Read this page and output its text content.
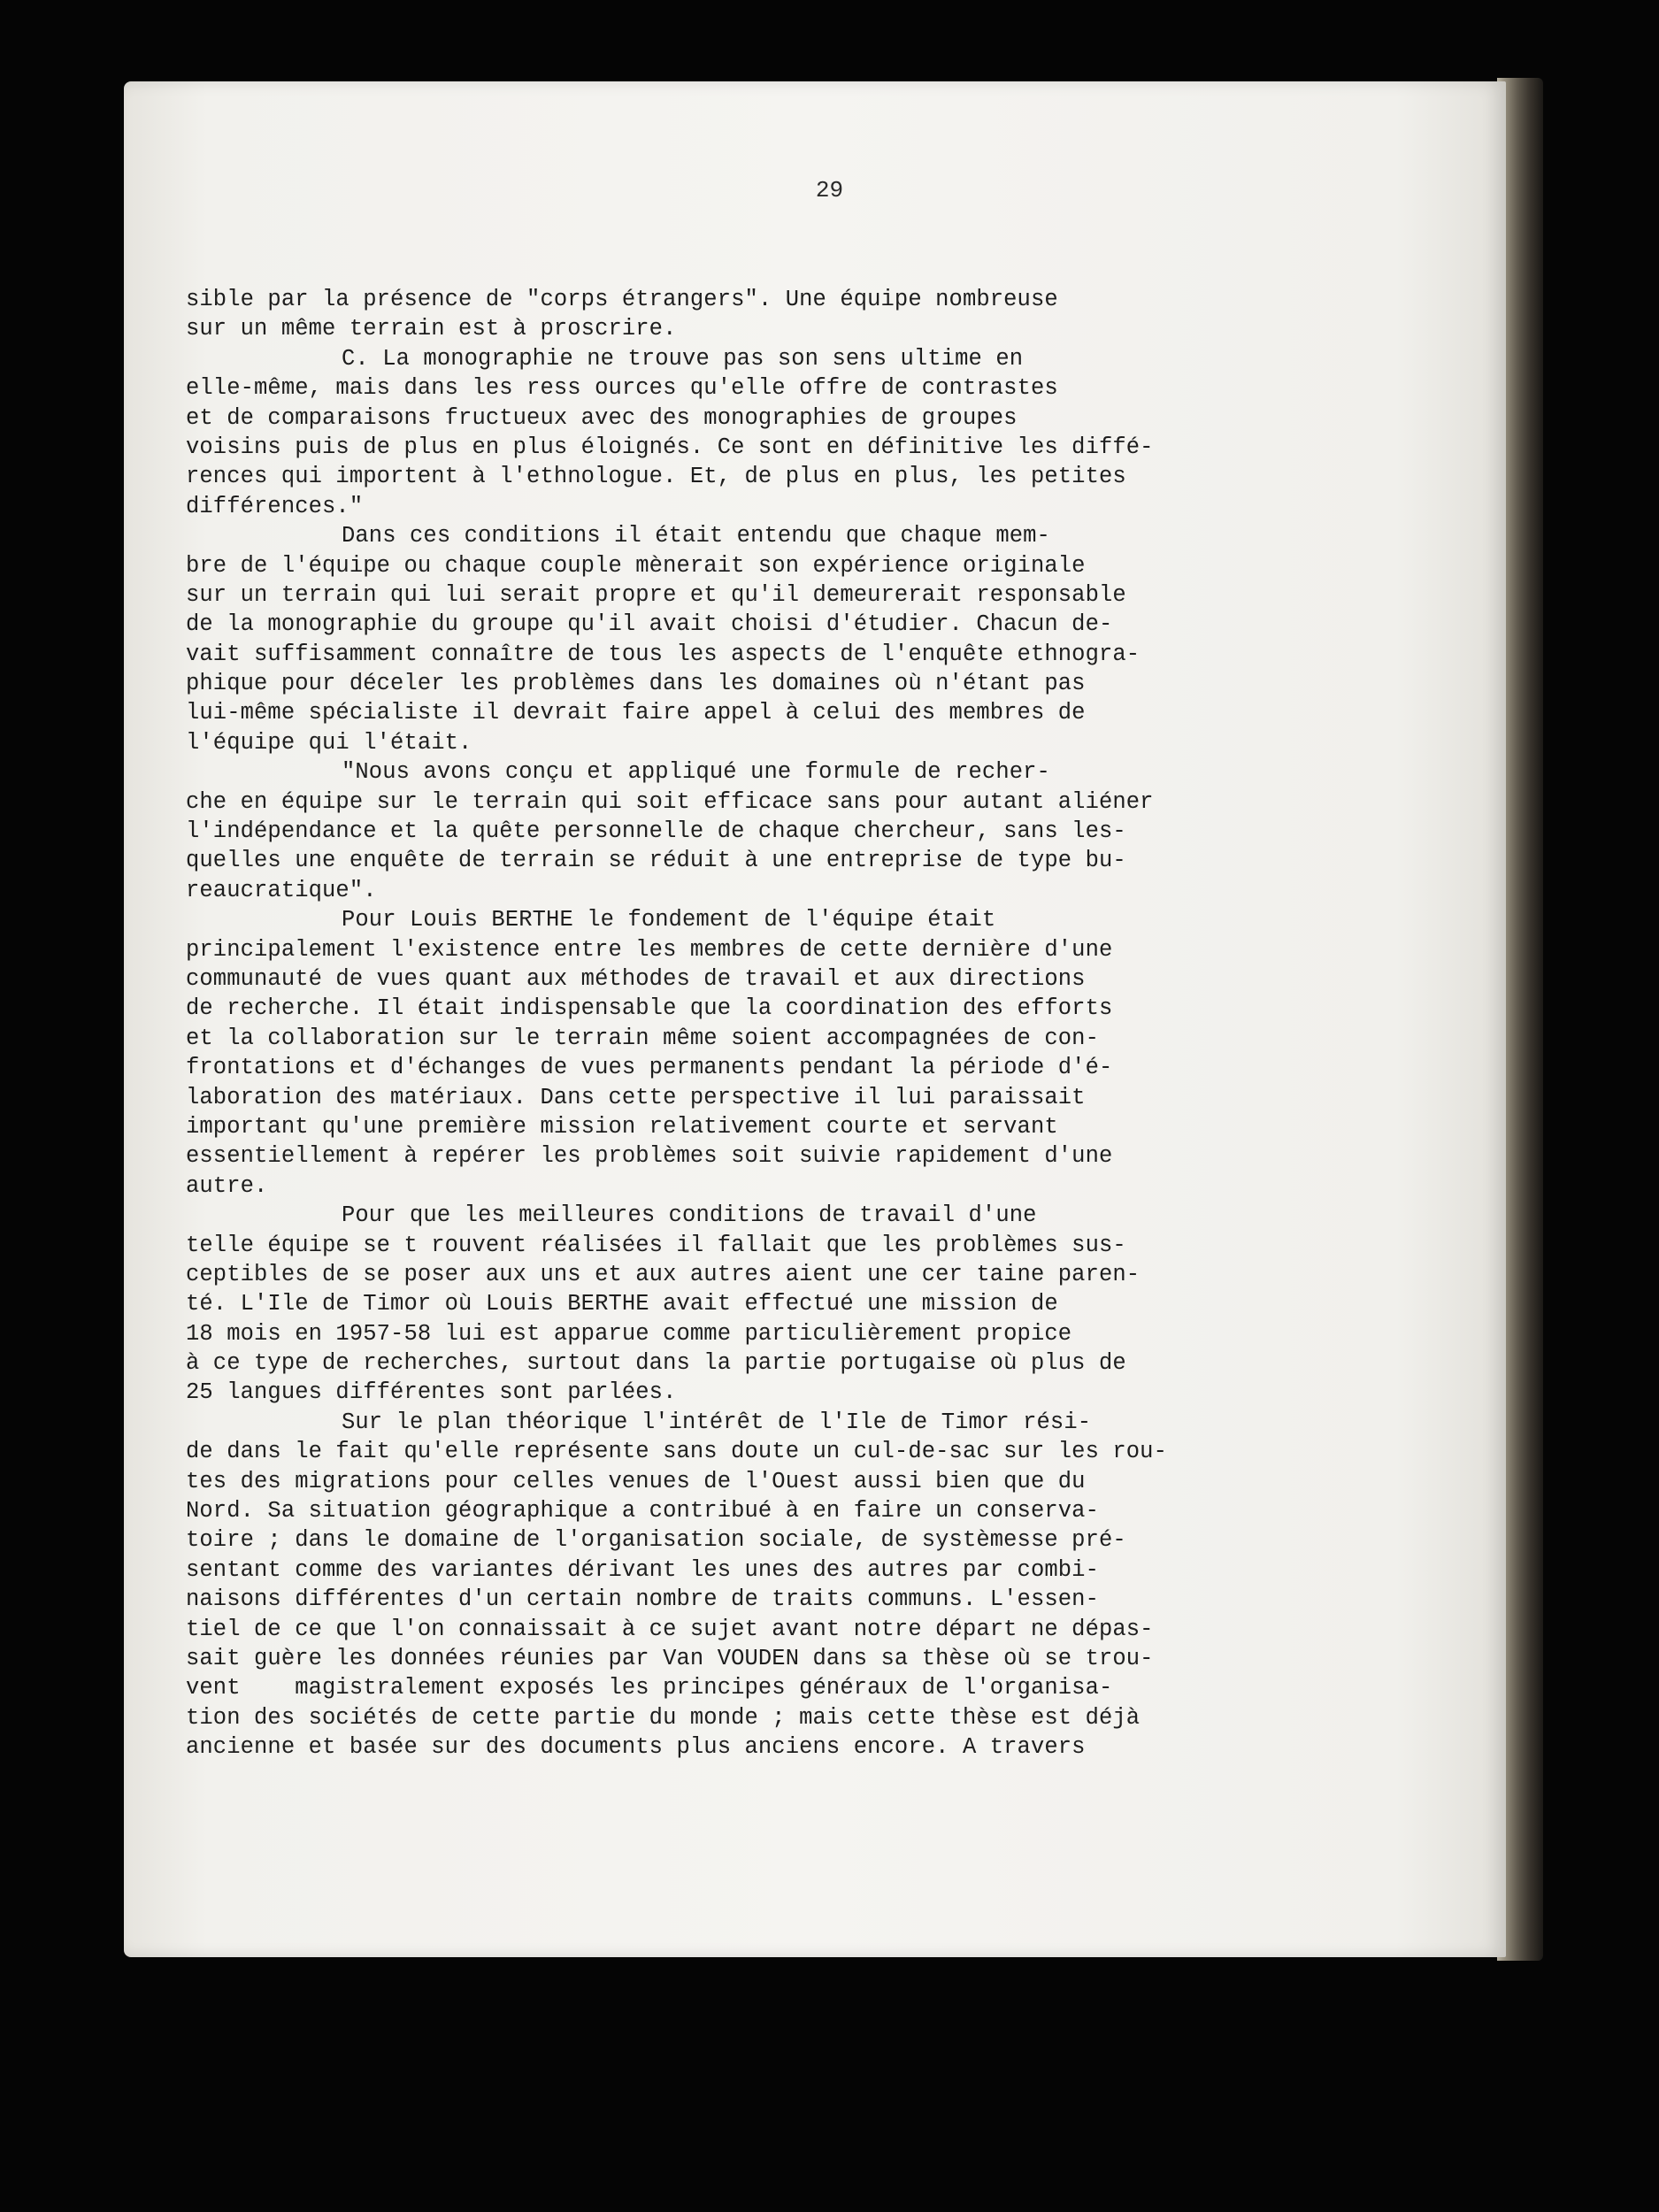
29
sible par la présence de "corps étrangers". Une équipe nombreuse
sur un même terrain est à proscrire.
C. La monographie ne trouve pas son sens ultime en
elle-même, mais dans les ress ources qu'elle offre de contrastes
et de comparaisons fructueux avec des monographies de groupes
voisins puis de plus en plus éloignés. Ce sont en définitive les diffé-
rences qui importent à l'ethnologue. Et, de plus en plus, les petites
différences."
Dans ces conditions il était entendu que chaque mem-
bre de l'équipe ou chaque couple mènerait son expérience originale
sur un terrain qui lui serait propre et qu'il demeurerait responsable
de la monographie du groupe qu'il avait choisi d'étudier. Chacun de-
vait suffisamment connaître de tous les aspects de l'enquête ethnogra-
phique pour déceler les problèmes dans les domaines où n'étant pas
lui-même spécialiste il devrait faire appel à celui des membres de
l'équipe qui l'était.
"Nous avons conçu et appliqué une formule de recher-
che en équipe sur le terrain qui soit efficace sans pour autant aliéner
l'indépendance et la quête personnelle de chaque chercheur, sans les-
quelles une enquête de terrain se réduit à une entreprise de type bu-
reaucratique".
Pour Louis BERTHE le fondement de l'équipe était
principalement l'existence entre les membres de cette dernière d'une
communauté de vues quant aux méthodes de travail et aux directions
de recherche. Il était indispensable que la coordination des efforts
et la collaboration sur le terrain même soient accompagnées de con-
frontations et d'échanges de vues permanents pendant la période d'é-
laboration des matériaux. Dans cette perspective il lui paraissait
important qu'une première mission relativement courte et servant
essentiellement à repérer les problèmes soit suivie rapidement d'une
autre.
Pour que les meilleures conditions de travail d'une
telle équipe se t rouvent réalisées il fallait que les problèmes sus-
ceptibles de se poser aux uns et aux autres aient une cer taine paren-
té. L'Ile de Timor où Louis BERTHE avait effectué une mission de
18 mois en 1957-58 lui est apparue comme particulièrement propice
à ce type de recherches, surtout dans la partie portugaise où plus de
25 langues différentes sont parlées.
Sur le plan théorique l'intérêt de l'Ile de Timor rési-
de dans le fait qu'elle représente sans doute un cul-de-sac sur les rou-
tes des migrations pour celles venues de l'Ouest aussi bien que du
Nord. Sa situation géographique a contribué à en faire un conserva-
toire ; dans le domaine de l'organisation sociale, de systèmesse pré-
sentant comme des variantes dérivant les unes des autres par combi-
naisons différentes d'un certain nombre de traits communs. L'essen-
tiel de ce que l'on connaissait à ce sujet avant notre départ ne dépas-
sait guère les données réunies par Van VOUDEN dans sa thèse où se trou-
vent    magistralement exposés les principes généraux de l'organisa-
tion des sociétés de cette partie du monde ; mais cette thèse est déjà
ancienne et basée sur des documents plus anciens encore. A travers
